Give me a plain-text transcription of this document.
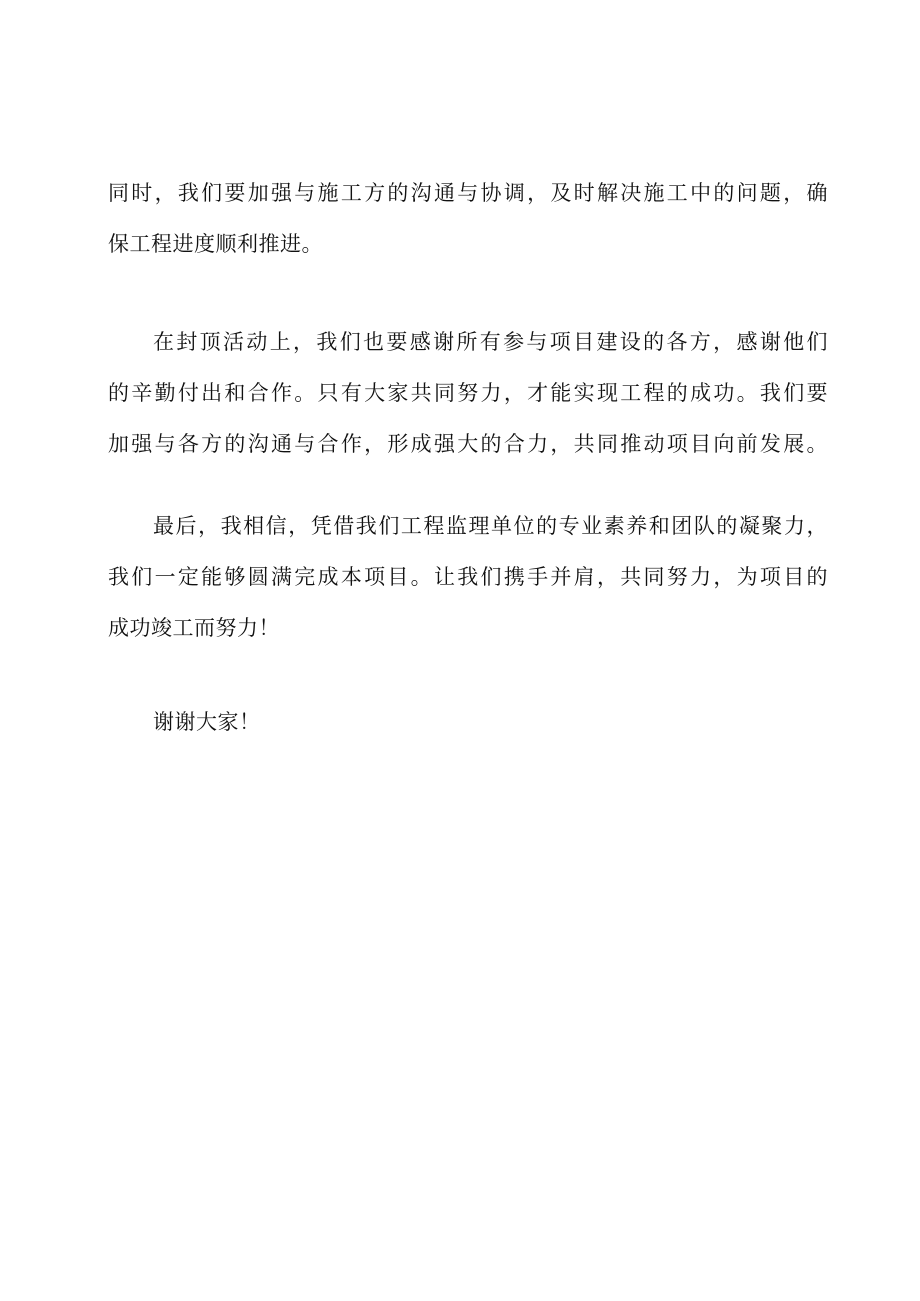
同时，我们要加强与施工方的沟通与协调，及时解决施工中的问题，确
保工程进度顺利推进。
在封顶活动上，我们也要感谢所有参与项目建设的各方，感谢他们
的辛勤付出和合作。只有大家共同努力，才能实现工程的成功。我们要
加强与各方的沟通与合作，形成强大的合力，共同推动项目向前发展。
最后，我相信，凭借我们工程监理单位的专业素养和团队的凝聚力，
我们一定能够圆满完成本项目。让我们携手并肩，共同努力，为项目的
成功竣工而努力！
谢谢大家！
